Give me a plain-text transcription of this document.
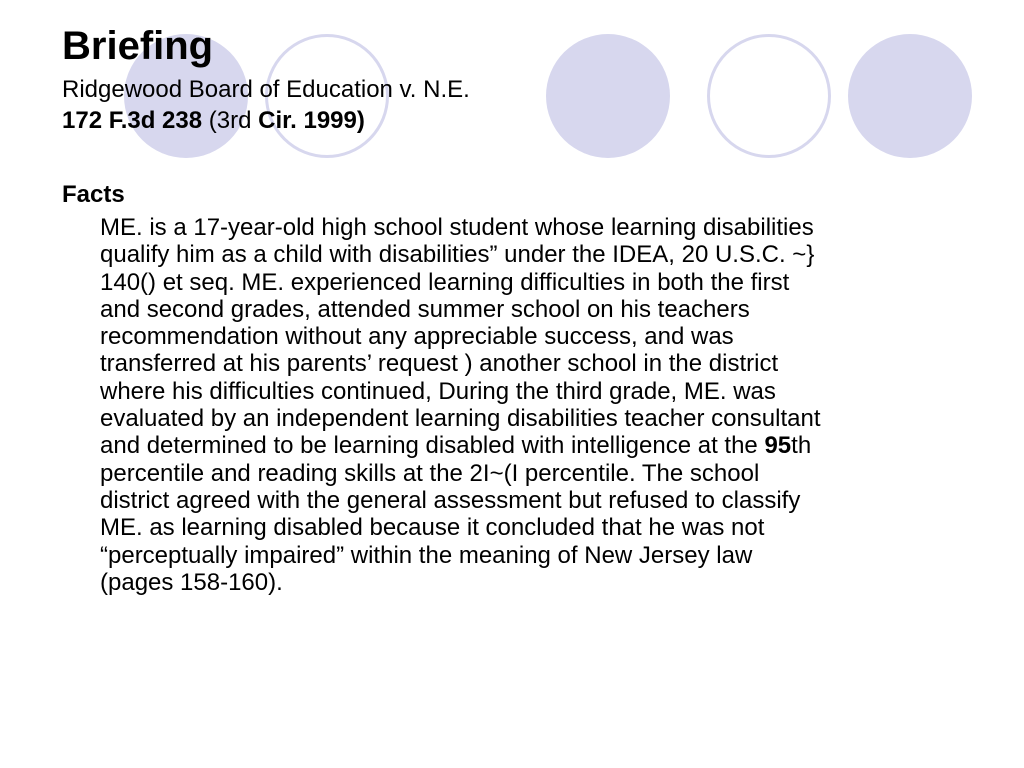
Briefing
Ridgewood Board of Education v. N.E.
172 F.3d 238 (3rd Cir. 1999)
Facts
ME. is a 17-year-old high school student whose learning disabilities
qualify him as a child with disabilities” under the IDEA, 20 U.S.C. ~}
140() et seq. ME. experienced learning difficulties in both the first
and second grades, attended summer school on his teachers
recommendation without any appreciable success, and was
transferred at his parents’ request ) another school in the district
where his difficulties continued, During the third grade, ME. was
evaluated by an independent learning disabilities teacher consultant
and determined to be learning disabled with intelligence at the 95th
percentile and reading skills at the 2I~(I percentile. The school
district agreed with the general assessment but refused to classify
ME. as learning disabled because it concluded that he was not
“perceptually impaired” within the meaning of New Jersey law
(pages 158-160).
